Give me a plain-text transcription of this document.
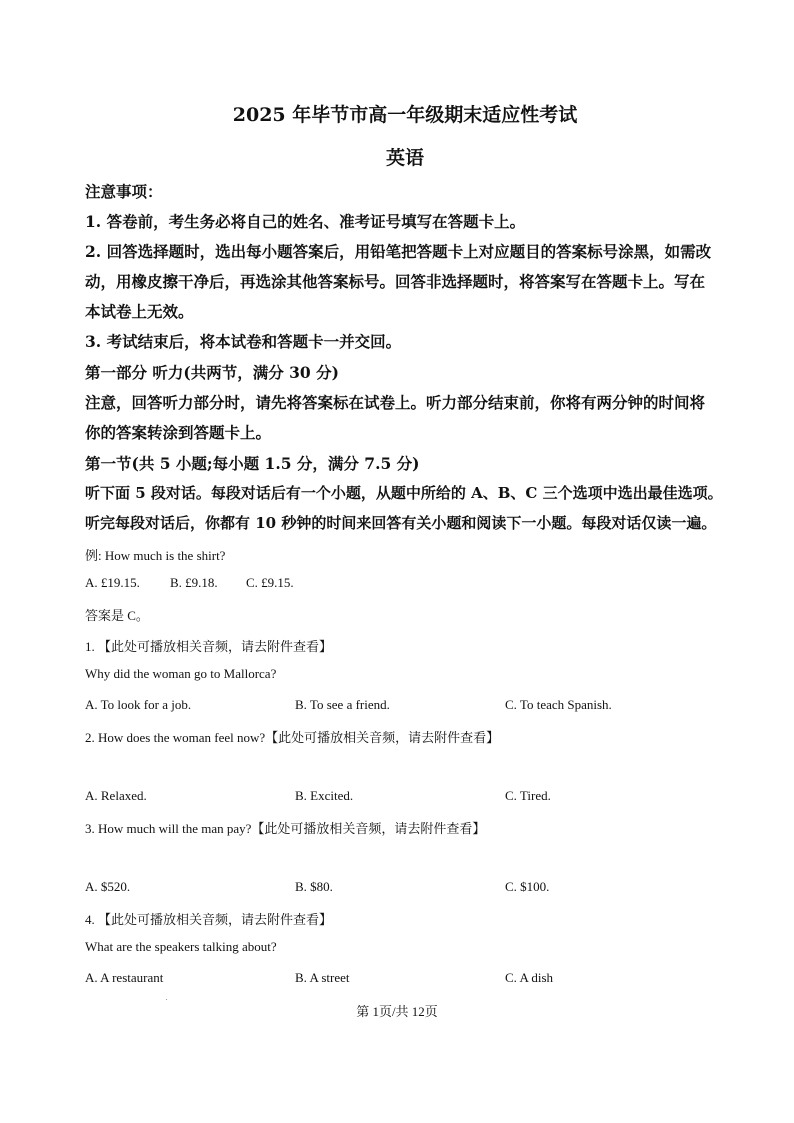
2025 年毕节市高一年级期末适应性考试
英语
注意事项：
1. 答卷前，考生务必将自己的姓名、准考证号填写在答题卡上。
2. 回答选择题时，选出每小题答案后，用铅笔把答题卡上对应题目的答案标号涂黑，如需改
动，用橡皮擦干净后，再选涂其他答案标号。回答非选择题时，将答案写在答题卡上。写在
本试卷上无效。
3. 考试结束后，将本试卷和答题卡一并交回。
第一部分 听力(共两节，满分 30 分)
注意，回答听力部分时，请先将答案标在试卷上。听力部分结束前，你将有两分钟的时间将
你的答案转涂到答题卡上。
第一节(共 5 小题;每小题 1.5 分，满分 7.5 分)
听下面 5 段对话。每段对话后有一个小题，从题中所给的 A、B、C 三个选项中选出最佳选项。
听完每段对话后，你都有 10 秒钟的时间来回答有关小题和阅读下一小题。每段对话仅读一遍。
例: How much is the shirt?
A. £19.15. B. £9.18. C. £9.15.
答案是 C。
1. 【此处可播放相关音频，请去附件查看】
Why did the woman go to Mallorca?
A. To look for a job.	B. To see a friend.	C. To teach Spanish.
2. How does the woman feel now?【此处可播放相关音频，请去附件查看】
A. Relaxed.	B. Excited.	C. Tired.
3. How much will the man pay?【此处可播放相关音频，请去附件查看】
A. $520.	B. $80.	C. $100.
4. 【此处可播放相关音频，请去附件查看】
What are the speakers talking about?
A. A restaurant	B. A street	C. A dish
第 1页/共 12页
